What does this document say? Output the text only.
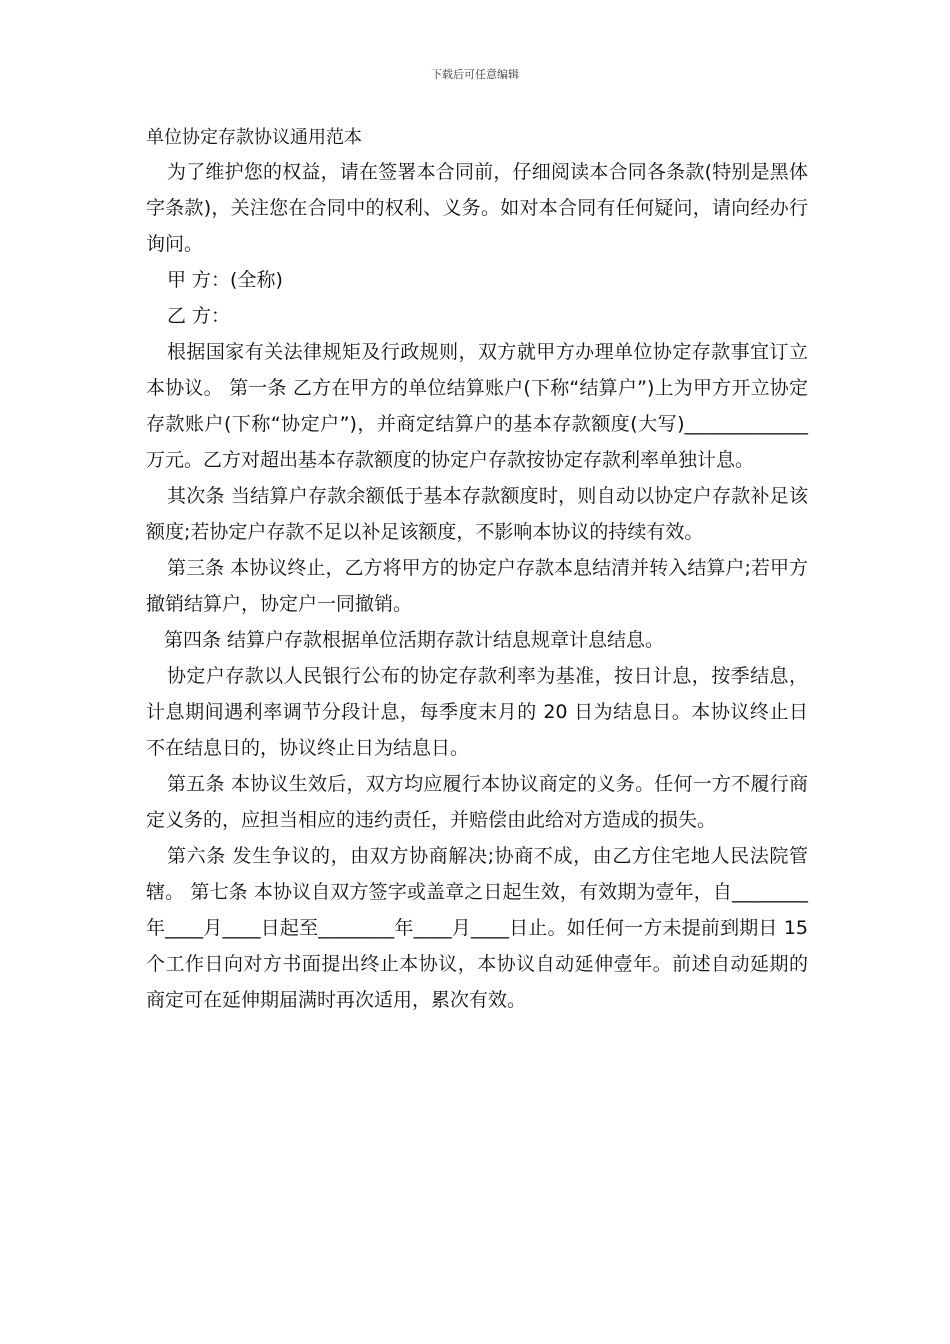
下载后可任意编辑
单位协定存款协议通用范本

为了维护您的权益，请在签署本合同前，仔细阅读本合同各条款(特别是黑体字条款)，关注您在合同中的权利、义务。如对本合同有任何疑问，请向经办行询问。

甲 方：(全称)

乙 方：

根据国家有关法律规矩及行政规则，双方就甲方办理单位协定存款事宜订立本协议。 第一条 乙方在甲方的单位结算账户(下称“结算户”)上为甲方开立协定存款账户(下称“协定户”)，并商定结算户的基本存款额度(大写)_____________万元。乙方对超出基本存款额度的协定户存款按协定存款利率单独计息。

其次条 当结算户存款余额低于基本存款额度时，则自动以协定户存款补足该额度;若协定户存款不足以补足该额度，不影响本协议的持续有效。

第三条 本协议终止，乙方将甲方的协定户存款本息结清并转入结算户;若甲方撤销结算户，协定户一同撤销。

第四条 结算户存款根据单位活期存款计结息规章计息结息。

协定户存款以人民银行公布的协定存款利率为基准，按日计息，按季结息，计息期间遇利率调节分段计息，每季度末月的 20 日为结息日。本协议终止日不在结息日的，协议终止日为结息日。

第五条 本协议生效后，双方均应履行本协议商定的义务。任何一方不履行商定义务的，应担当相应的违约责任，并赔偿由此给对方造成的损失。

第六条 发生争议的，由双方协商解决;协商不成，由乙方住宅地人民法院管辖。 第七条 本协议自双方签字或盖章之日起生效，有效期为壹年，自________年____月____日起至________年____月____日止。如任何一方未提前到期日 15 个工作日向对方书面提出终止本协议，本协议自动延伸壹年。前述自动延期的商定可在延伸期届满时再次适用，累次有效。
